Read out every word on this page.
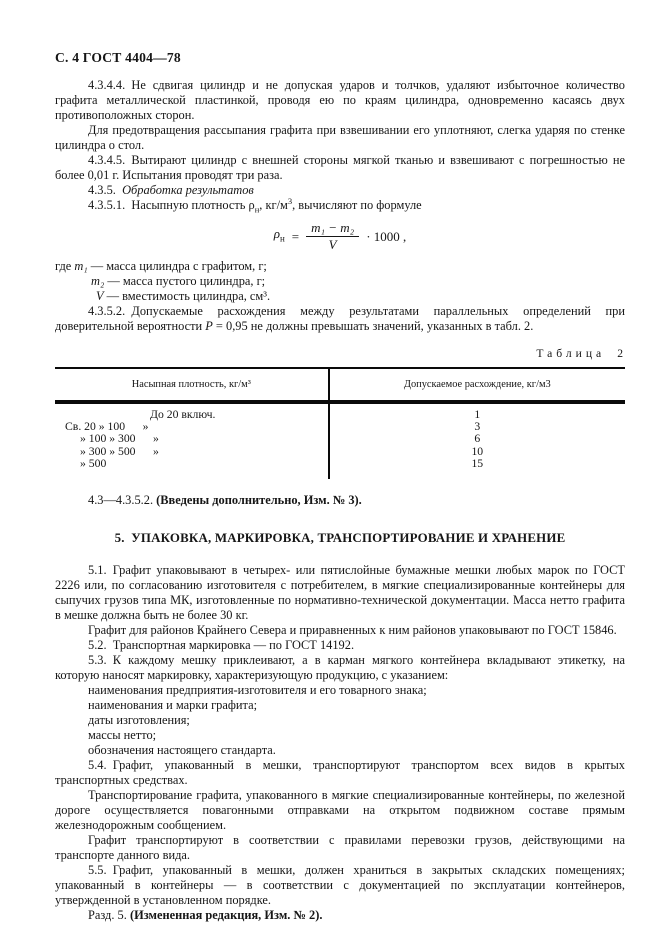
С. 4 ГОСТ 4404—78

4.3.4.4. Не сдвигая цилиндр и не допуская ударов и толчков, удаляют избыточное количество графита металлической пластинкой, проводя ею по краям цилиндра, одновременно касаясь двух противоположных сторон.

Для предотвращения рассыпания графита при взвешивании его уплотняют, слегка ударяя по стенке цилиндра о стол.

4.3.4.5. Вытирают цилиндр с внешней стороны мягкой тканью и взвешивают с погрешностью не более 0,01 г. Испытания проводят три раза.

4.3.5.  Обработка результатов

4.3.5.1. Насыпную плотность $\rho_н$, $кг/м^3$, вычисляют по формуле

$\rho_н = \frac{\text{m₁ − m₂}}{V} \cdot 1000$ ,

где m₁ — масса цилиндра с графитом, г;

m₂ — масса пустого цилиндра, г;

V — вместимость цилиндра, см³.

4.3.5.2. Допускаемые расхождения между результатами параллельных определений при доверительной вероятности Р = 0,95 не должны превышать значений, указанных в табл. 2.

Таблица 2
Насыпная плотность, кг/м³	Допускаемое расхождение, кг/м3
До 20 включ.	1
Св. 20 » 100  »	3
» 100 » 300  »	6
» 300 » 500  »	10
» 500	15

4.3—4.3.5.2. (Введены дополнительно, Изм. № 3).

5. УПАКОВКА, МАРКИРОВКА, ТРАНСПОРТИРОВАНИЕ И ХРАНЕНИЕ

5.1. Графит упаковывают в четырех- или пятислойные бумажные мешки любых марок по ГОСТ 2226 или, по согласованию изготовителя с потребителем, в мягкие специализированные контейнеры для сыпучих грузов типа МК, изготовленные по нормативно-технической документации. Масса нетто графита в мешке должна быть не более 30 кг.

Графит для районов Крайнего Севера и приравненных к ним районов упаковывают по ГОСТ 15846.

5.2. Транспортная маркировка — по ГОСТ 14192.

5.3. К каждому мешку приклеивают, а в карман мягкого контейнера вкладывают этикетку, на которую наносят маркировку, характеризующую продукцию, с указанием:

наименования предприятия-изготовителя и его товарного знака;

наименования и марки графита;

даты изготовления;

массы нетто;

обозначения настоящего стандарта.

5.4. Графит, упакованный в мешки, транспортируют транспортом всех видов в крытых транспортных средствах.

Транспортирование графита, упакованного в мягкие специализированные контейнеры, по железной дороге осуществляется повагонными отправками на открытом подвижном составе прямым железнодорожным сообщением.

Графит транспортируют в соответствии с правилами перевозки грузов, действующими на транспорте данного вида.

5.5. Графит, упакованный в мешки, должен храниться в закрытых складских помещениях; упакованный в контейнеры — в соответствии с документацией по эксплуатации контейнеров, утвержденной в установленном порядке.

Разд. 5. (Измененная редакция, Изм. № 2).
